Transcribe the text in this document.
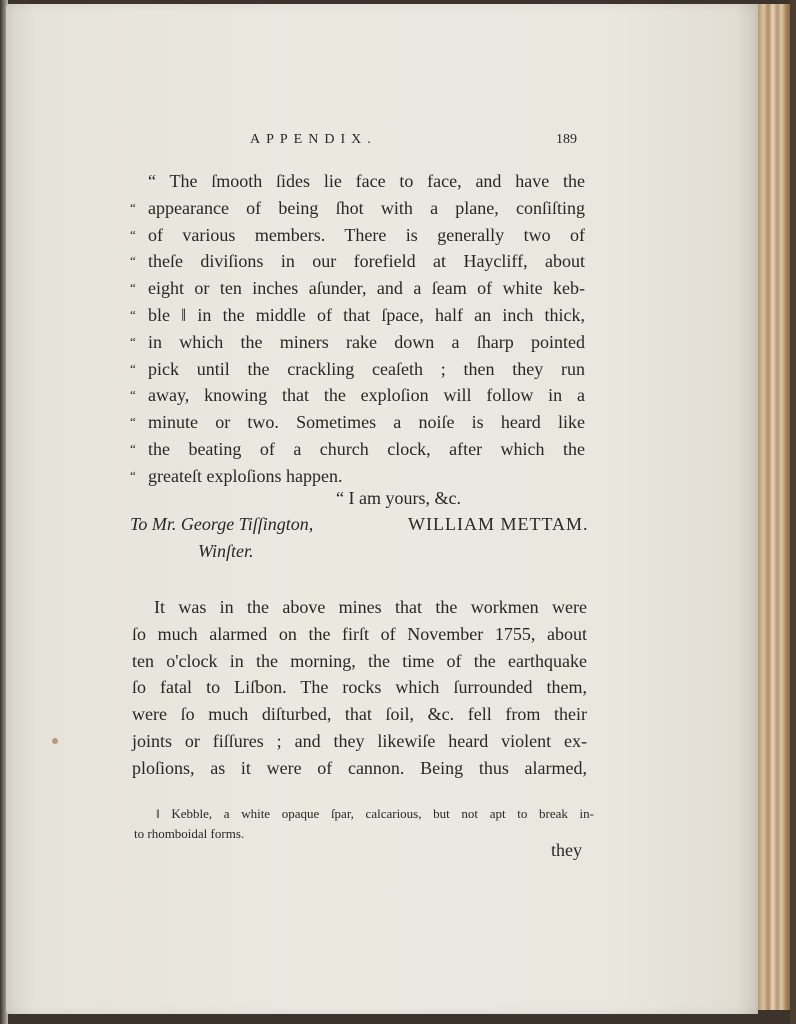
APPENDIX.	189
“ The ſmooth ſides lie face to face, and have the
“ appearance of being ſhot with a plane, conſiſting
“ of various members. There is generally two of
“ theſe diviſions in our forefield at Haycliff, about
“ eight or ten inches aſunder, and a ſeam of white keb-
“ ble ‖ in the middle of that ſpace, half an inch thick,
“ in which the miners rake down a ſharp pointed
“ pick until the crackling ceaſeth ; then they run
“ away, knowing that the exploſion will follow in a
“ minute or two. Sometimes a noiſe is heard like
“ the beating of a church clock, after which the
“ greateſt exploſions happen.
“ I am yours, &c.
To Mr. George Tiſſington,	WILLIAM METTAM.
Winſter.
It was in the above mines that the workmen were
ſo much alarmed on the firſt of November 1755, about
ten o'clock in the morning, the time of the earthquake
ſo fatal to Liſbon. The rocks which ſurrounded them,
were ſo much diſturbed, that ſoil, &c. fell from their
joints or fiſſures ; and they likewiſe heard violent ex-
ploſions, as it were of cannon. Being thus alarmed,
‖ Kebble, a white opaque ſpar, calcarious, but not apt to break in-
to rhomboidal forms.
they
